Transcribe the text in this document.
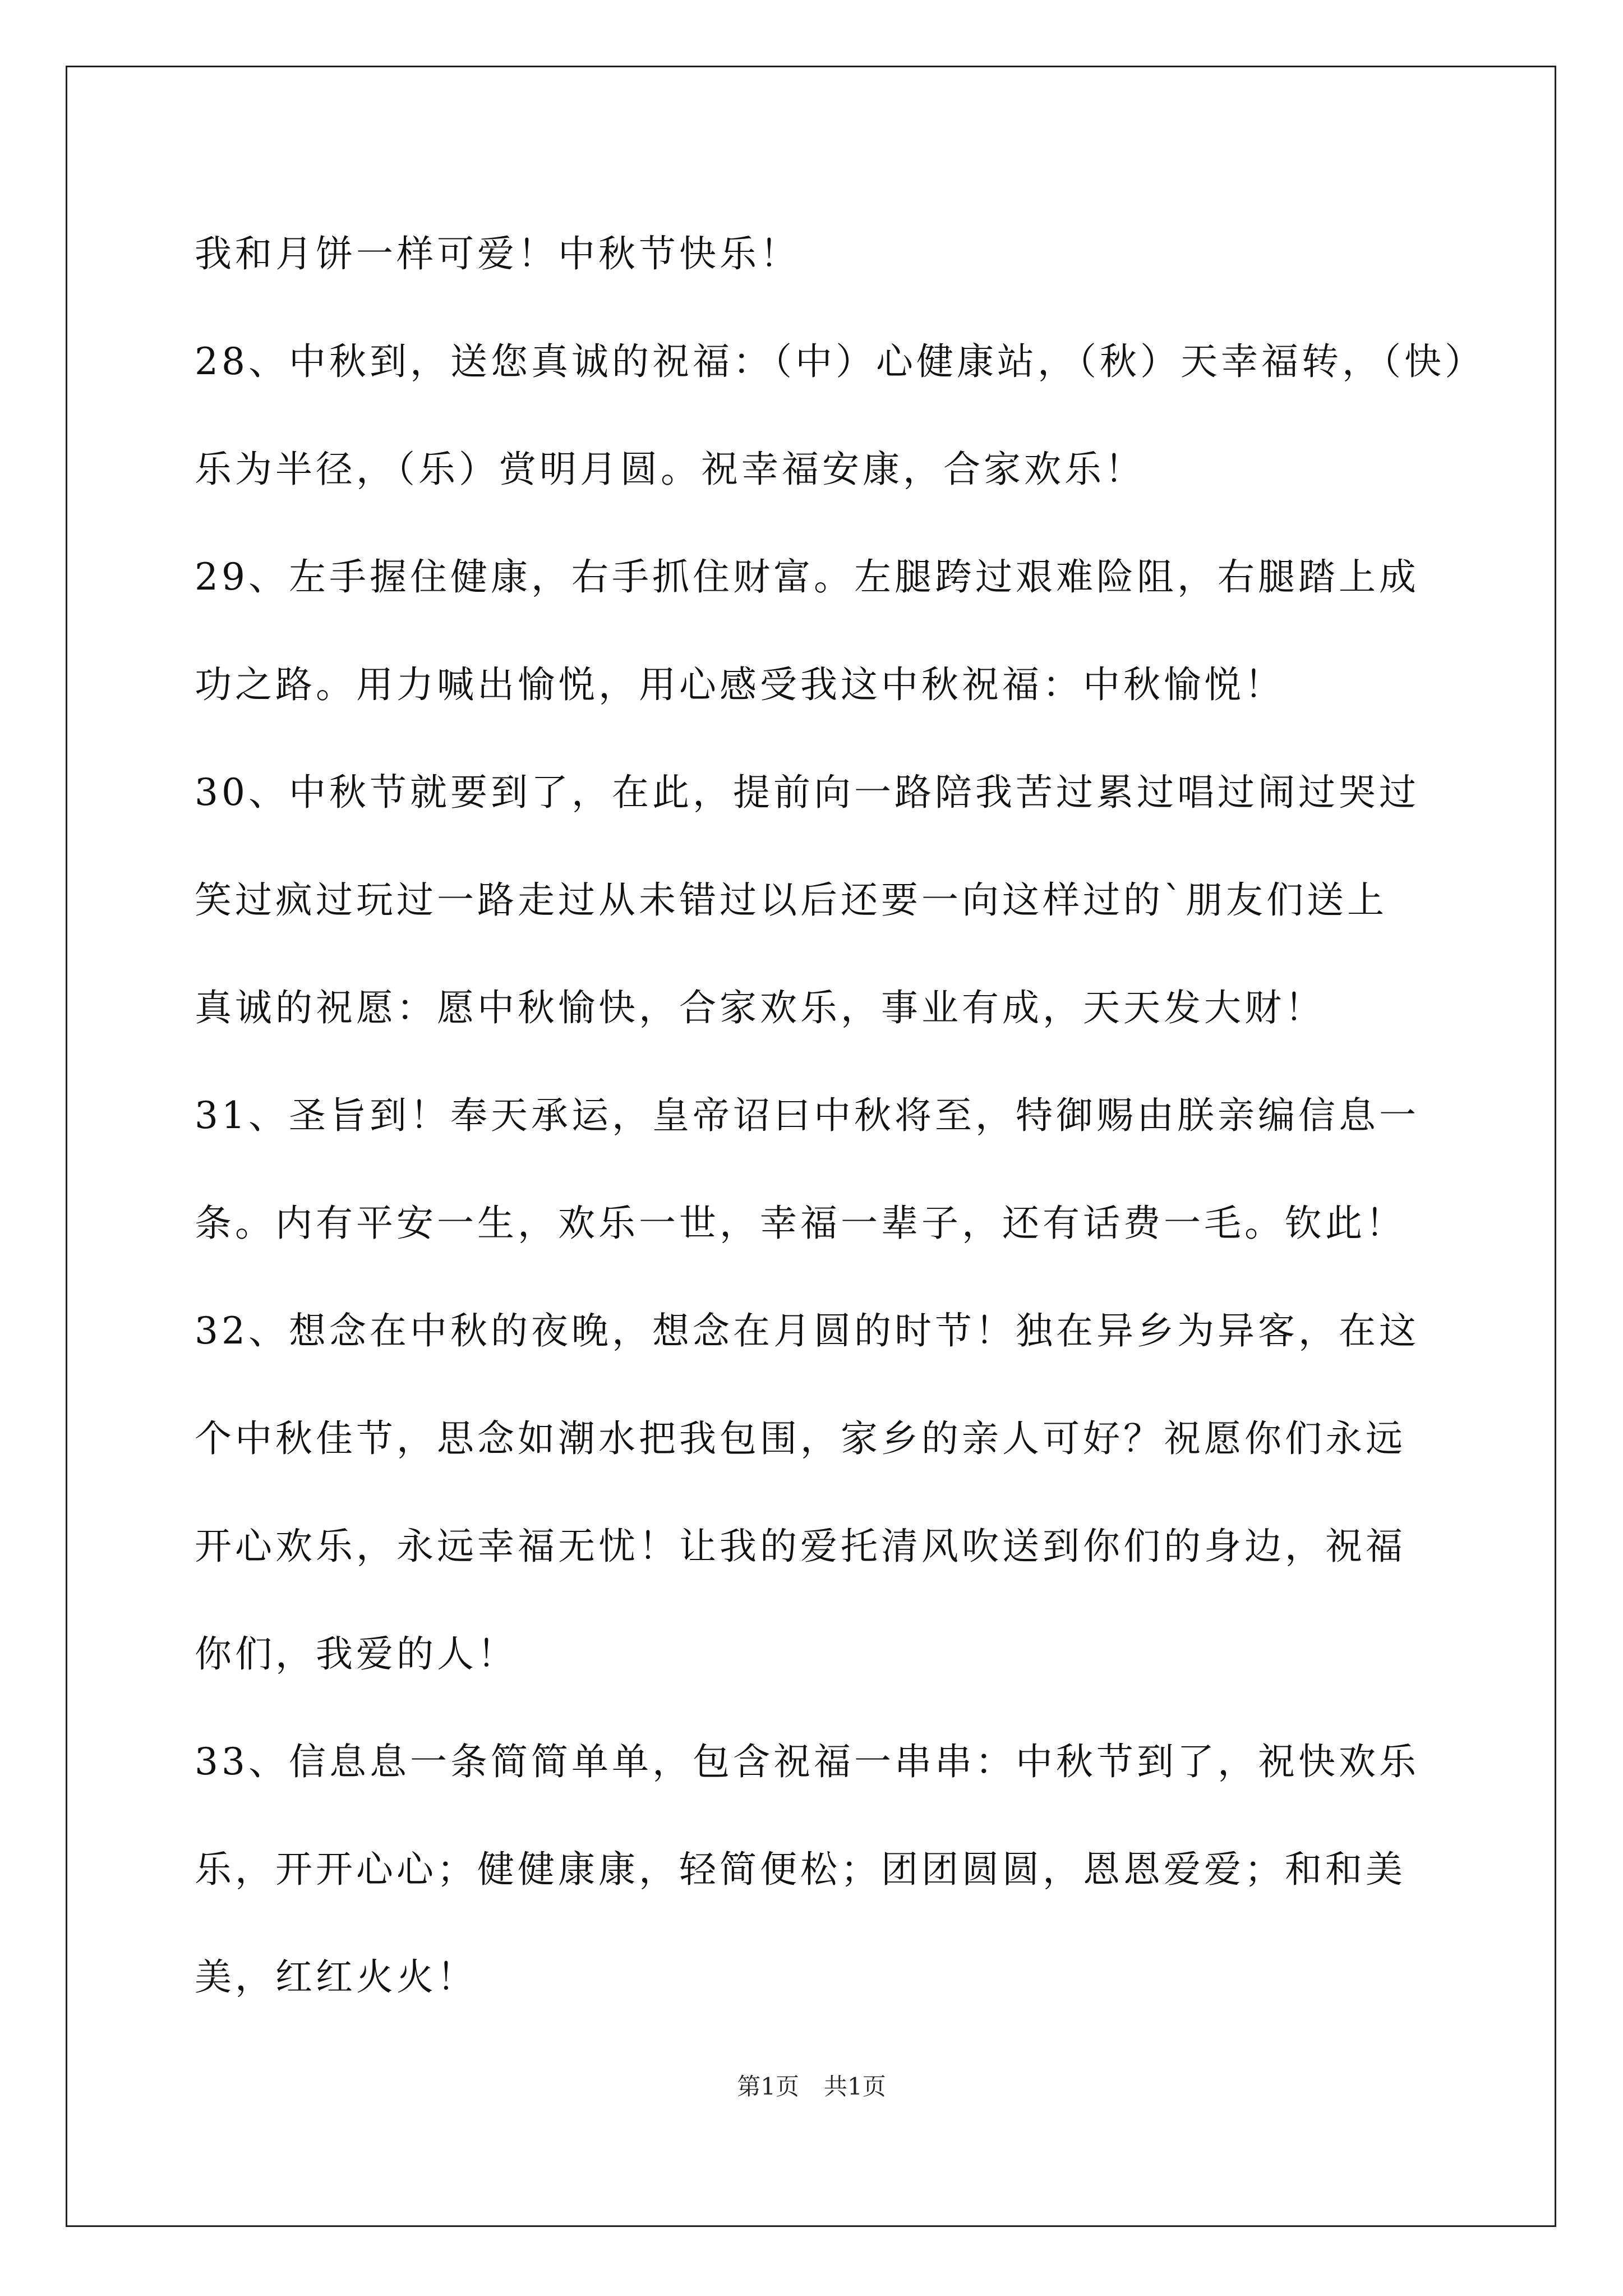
我和月饼一样可爱！中秋节快乐！
28、中秋到，送您真诚的祝福：（中）心健康站，（秋）天幸福转，（快）
乐为半径，（乐）赏明月圆。祝幸福安康，合家欢乐！
29、左手握住健康，右手抓住财富。左腿跨过艰难险阻，右腿踏上成
功之路。用力喊出愉悦，用心感受我这中秋祝福：中秋愉悦！
30、中秋节就要到了，在此，提前向一路陪我苦过累过唱过闹过哭过
笑过疯过玩过一路走过从未错过以后还要一向这样过的`朋友们送上
真诚的祝愿：愿中秋愉快，合家欢乐，事业有成，天天发大财！
31、圣旨到！奉天承运，皇帝诏曰中秋将至，特御赐由朕亲编信息一
条。内有平安一生，欢乐一世，幸福一辈子，还有话费一毛。钦此！
32、想念在中秋的夜晚，想念在月圆的时节！独在异乡为异客，在这
个中秋佳节，思念如潮水把我包围，家乡的亲人可好？祝愿你们永远
开心欢乐，永远幸福无忧！让我的爱托清风吹送到你们的身边，祝福
你们，我爱的人！
33、信息息一条简简单单，包含祝福一串串：中秋节到了，祝快欢乐
乐，开开心心；健健康康，轻简便松；团团圆圆，恩恩爱爱；和和美
美，红红火火！
第1页 共1页
